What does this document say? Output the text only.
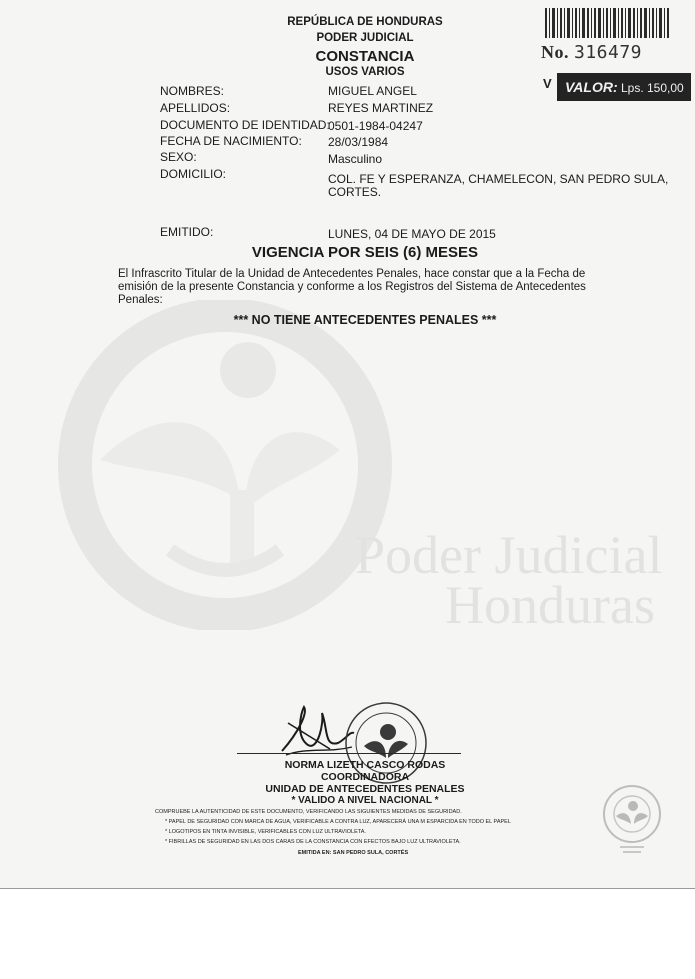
Poder Judicial
Honduras
REPÚBLICA DE HONDURAS
PODER JUDICIAL
CONSTANCIA
USOS VARIOS
No. 316479
V VALOR: Lps. 150,00
NOMBRES:	MIGUEL ANGEL
APELLIDOS:	REYES MARTINEZ
DOCUMENTO DE IDENTIDAD:
0501-1984-04247
FECHA DE NACIMIENTO: 28/03/1984
SEXO:	Masculino
DOMICILIO:	COL. FE Y ESPERANZA, CHAMELECON, SAN PEDRO SULA,
CORTES.
EMITIDO:	LUNES, 04 DE MAYO DE 2015
VIGENCIA POR SEIS (6) MESES
El Infrascrito Titular de la Unidad de Antecedentes Penales, hace constar que a la Fecha de emisión de la presente Constancia y conforme a los Registros del Sistema de Antecedentes Penales:
*** NO TIENE ANTECEDENTES PENALES ***
NORMA LIZETH CASCO RODAS
COORDINADORA
UNIDAD DE ANTECEDENTES PENALES
* VALIDO A NIVEL NACIONAL *
COMPRUEBE LA AUTENTICIDAD DE ESTE DOCUMENTO, VERIFICANDO LAS SIGUIENTES MEDIDAS DE SEGURIDAD.
* PAPEL DE SEGURIDAD CON MARCA DE AGUA, VERIFICABLE A CONTRA LUZ, APARECERÁ UNA M ESPARCIDA EN TODO EL PAPEL
* LOGOTIPOS EN TINTA INVISIBLE, VERIFICABLES CON LUZ ULTRAVIOLETA.
* FIBRILLAS DE SEGURIDAD EN LAS DOS CARAS DE LA CONSTANCIA CON EFECTOS BAJO LUZ ULTRAVIOLETA.
EMITIDA EN: SAN PEDRO SULA, CORTÉS
